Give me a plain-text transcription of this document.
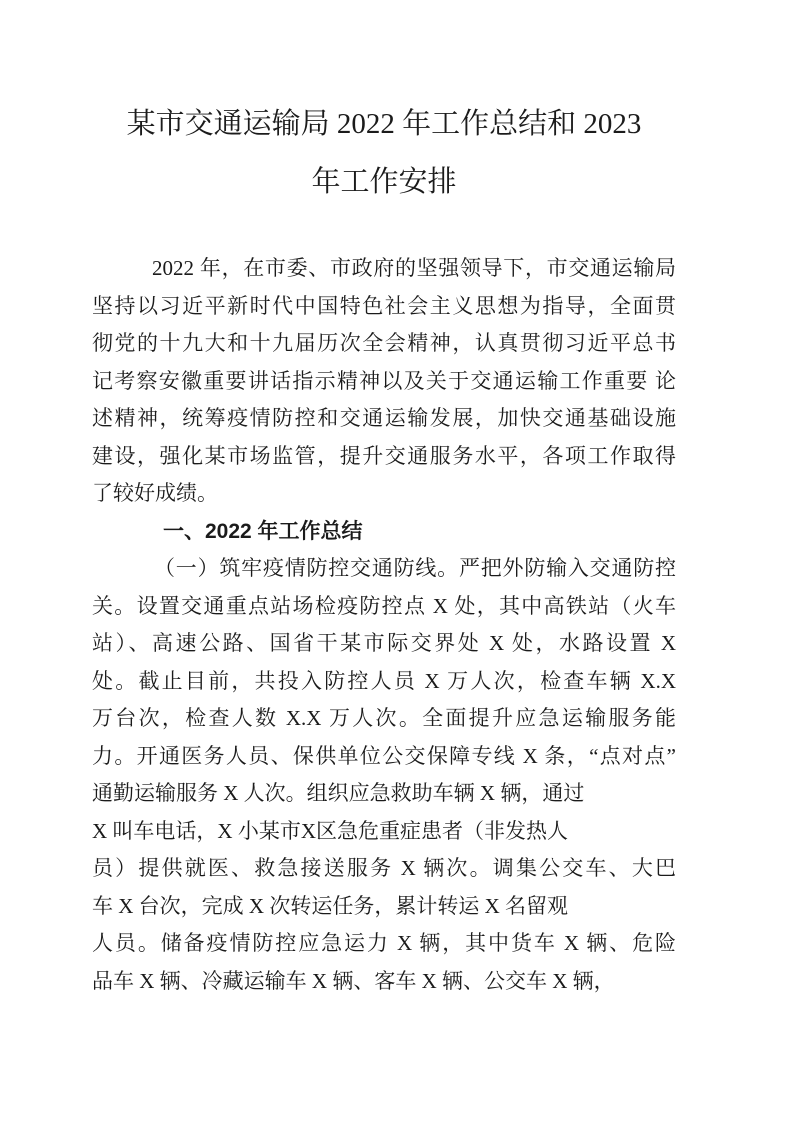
某市交通运输局 2022 年工作总结和 2023
年工作安排
2022 年，在市委、市政府的坚强领导下，市交通运输局
坚持以习近平新时代中国特色社会主义思想为指导，全面贯
彻党的十九大和十九届历次全会精神，认真贯彻习近平总书
记考察安徽重要讲话指示精神以及关于交通运输工作重要 论
述精神，统筹疫情防控和交通运输发展，加快交通基础设施
建设，强化某市场监管，提升交通服务水平，各项工作取得
了较好成绩。
一、2022 年工作总结
（一）筑牢疫情防控交通防线。严把外防输入交通防控
关。设置交通重点站场检疫防控点 X 处，其中高铁站（火车
站）、高速公路、国省干某市际交界处 X 处，水路设置 X
处。截止目前，共投入防控人员 X 万人次，检查车辆 X.X
万台次，检查人数 X.X 万人次。全面提升应急运输服务能
力。开通医务人员、保供单位公交保障专线 X 条，“点对点”
通勤运输服务 X 人次。组织应急救助车辆 X 辆，通过
X 叫车电话，X 小某市X区急危重症患者（非发热人
员）提供就医、救急接送服务 X 辆次。调集公交车、大巴
车 X 台次，完成 X 次转运任务，累计转运 X 名留观
人员。储备疫情防控应急运力 X 辆，其中货车 X 辆、危险
品车 X 辆、冷藏运输车 X 辆、客车 X 辆、公交车 X 辆，
